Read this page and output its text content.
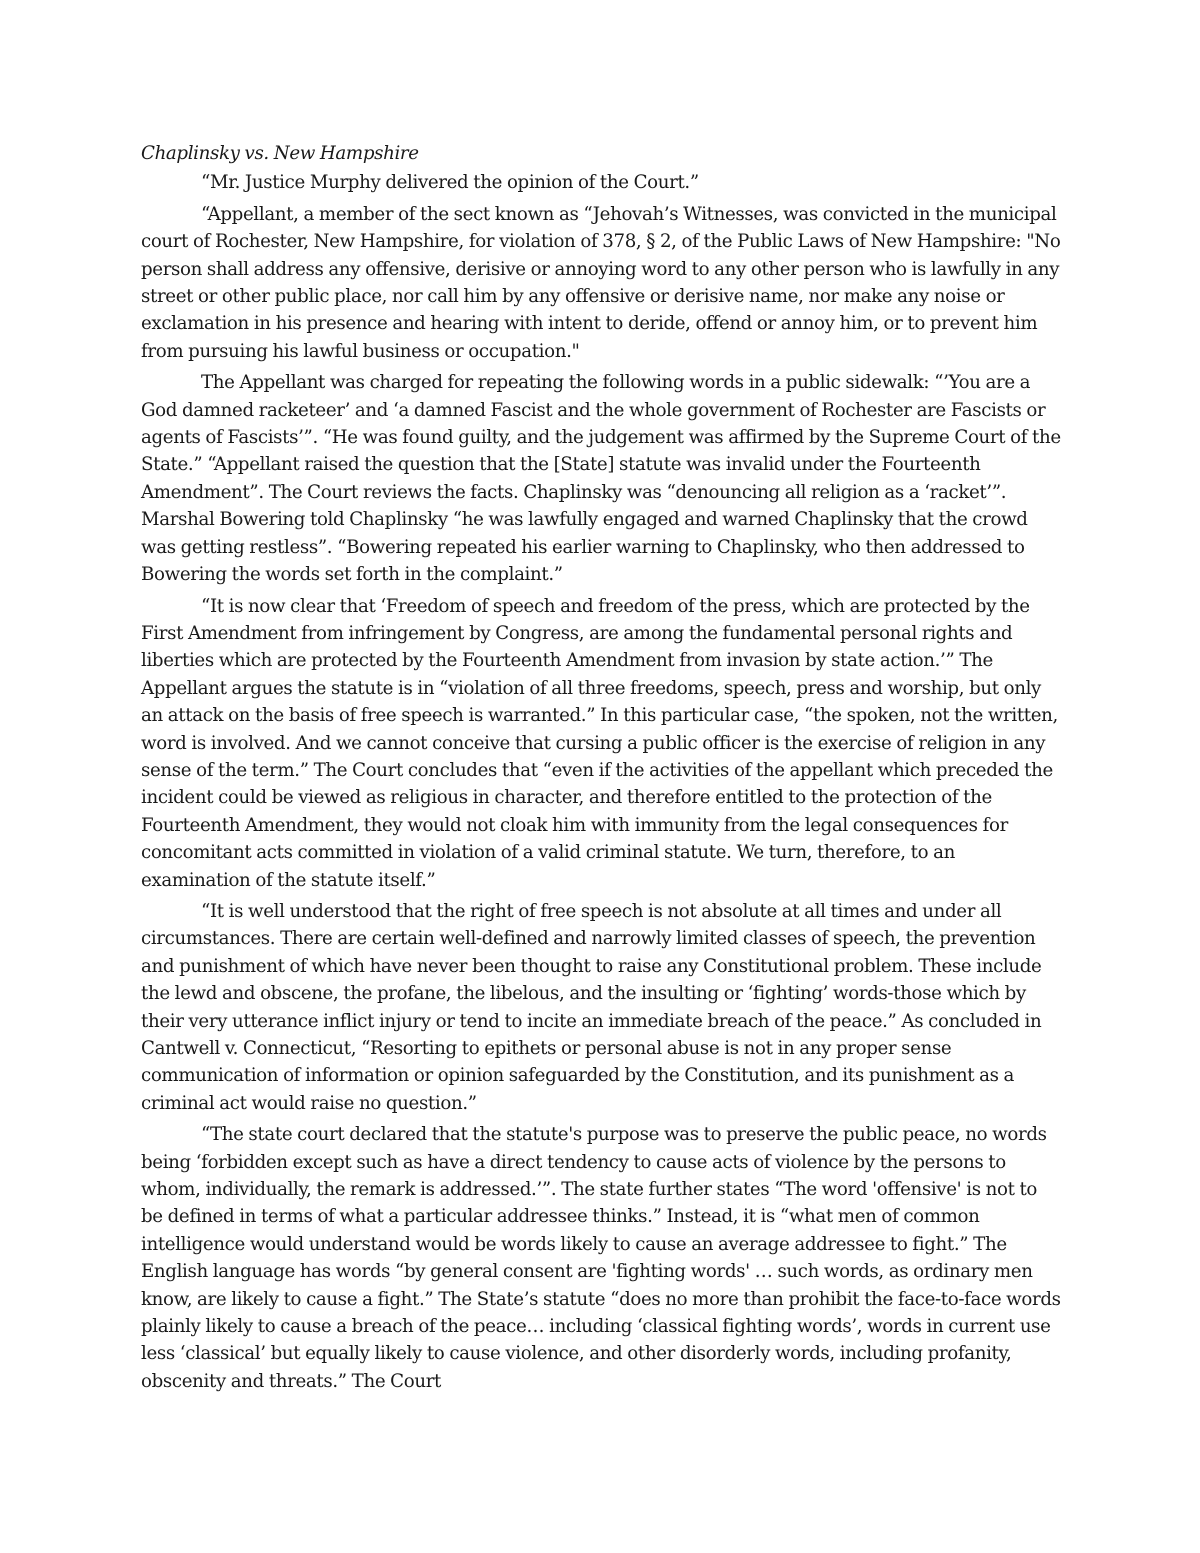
Chaplinsky vs. New Hampshire

“Mr. Justice Murphy delivered the opinion of the Court.”

“Appellant, a member of the sect known as “Jehovah’s Witnesses, was convicted in the municipal court of Rochester, New Hampshire, for violation of 378, § 2, of the Public Laws of New Hampshire: "No person shall address any offensive, derisive or annoying word to any other person who is lawfully in any street or other public place, nor call him by any offensive or derisive name, nor make any noise or exclamation in his presence and hearing with intent to deride, offend or annoy him, or to prevent him from pursuing his lawful business or occupation."

The Appellant was charged for repeating the following words in a public sidewalk: “’You are a God damned racketeer’ and ‘a damned Fascist and the whole government of Rochester are Fascists or agents of Fascists’”. “He was found guilty, and the judgement was affirmed by the Supreme Court of the State.” “Appellant raised the question that the [State] statute was invalid under the Fourteenth Amendment”. The Court reviews the facts. Chaplinsky was “denouncing all religion as a ‘racket’”. Marshal Bowering told Chaplinsky “he was lawfully engaged and warned Chaplinsky that the crowd was getting restless”. “Bowering repeated his earlier warning to Chaplinsky, who then addressed to Bowering the words set forth in the complaint.”

“It is now clear that ‘Freedom of speech and freedom of the press, which are protected by the First Amendment from infringement by Congress, are among the fundamental personal rights and liberties which are protected by the Fourteenth Amendment from invasion by state action.’” The Appellant argues the statute is in “violation of all three freedoms, speech, press and worship, but only an attack on the basis of free speech is warranted.” In this particular case, “the spoken, not the written, word is involved. And we cannot conceive that cursing a public officer is the exercise of religion in any sense of the term.” The Court concludes that “even if the activities of the appellant which preceded the incident could be viewed as religious in character, and therefore entitled to the protection of the Fourteenth Amendment, they would not cloak him with immunity from the legal consequences for concomitant acts committed in violation of a valid criminal statute. We turn, therefore, to an examination of the statute itself.”

“It is well understood that the right of free speech is not absolute at all times and under all circumstances. There are certain well-defined and narrowly limited classes of speech, the prevention and punishment of which have never been thought to raise any Constitutional problem. These include the lewd and obscene, the profane, the libelous, and the insulting or ‘fighting’ words-those which by their very utterance inflict injury or tend to incite an immediate breach of the peace.” As concluded in Cantwell v. Connecticut, “Resorting to epithets or personal abuse is not in any proper sense communication of information or opinion safeguarded by the Constitution, and its punishment as a criminal act would raise no question.”

“The state court declared that the statute's purpose was to preserve the public peace, no words being ‘forbidden except such as have a direct tendency to cause acts of violence by the persons to whom, individually, the remark is addressed.’”. The state further states “The word 'offensive' is not to be defined in terms of what a particular addressee thinks.” Instead, it is “what men of common intelligence would understand would be words likely to cause an average addressee to fight.” The English language has words “by general consent are 'fighting words' … such words, as ordinary men know, are likely to cause a fight.” The State’s statute “does no more than prohibit the face-to-face words plainly likely to cause a breach of the peace… including ‘classical fighting words’, words in current use less ‘classical’ but equally likely to cause violence, and other disorderly words, including profanity, obscenity and threats.” The Court
